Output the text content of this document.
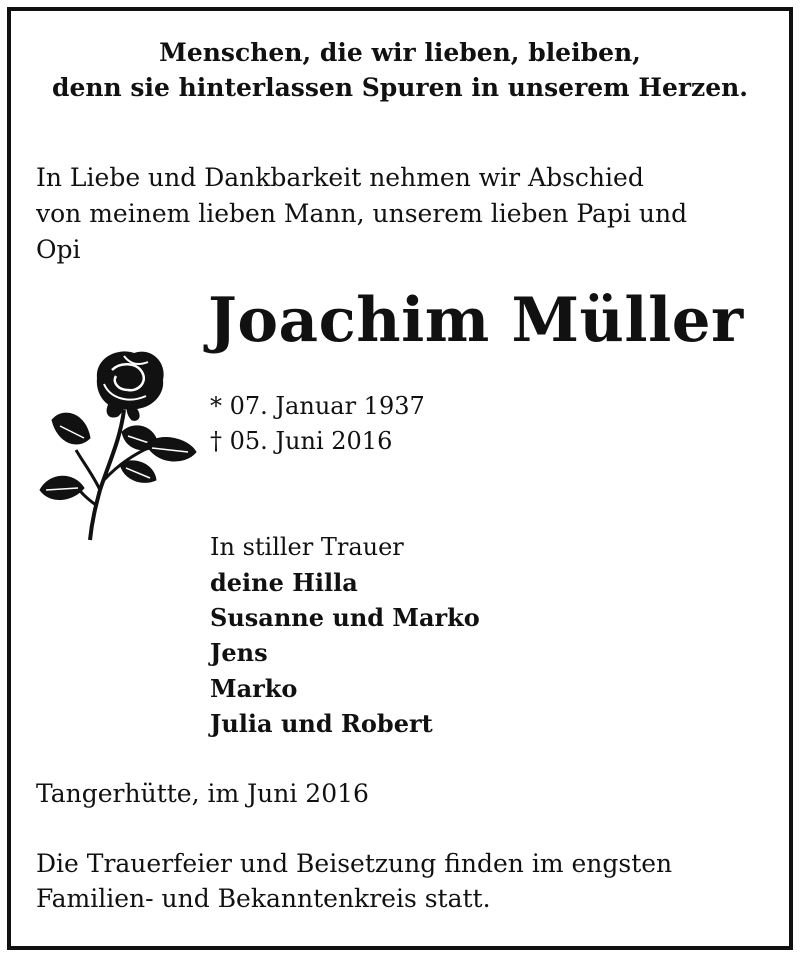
Menschen, die wir lieben, bleiben,
denn sie hinterlassen Spuren in unserem Herzen.
In Liebe und Dankbarkeit nehmen wir Abschied
von meinem lieben Mann, unserem lieben Papi und
Opi
Joachim Müller
* 07. Januar 1937
† 05. Juni 2016
In stiller Trauer
deine Hilla
Susanne und Marko
Jens
Marko
Julia und Robert
Tangerhütte, im Juni 2016
Die Trauerfeier und Beisetzung finden im engsten
Familien- und Bekanntenkreis statt.
